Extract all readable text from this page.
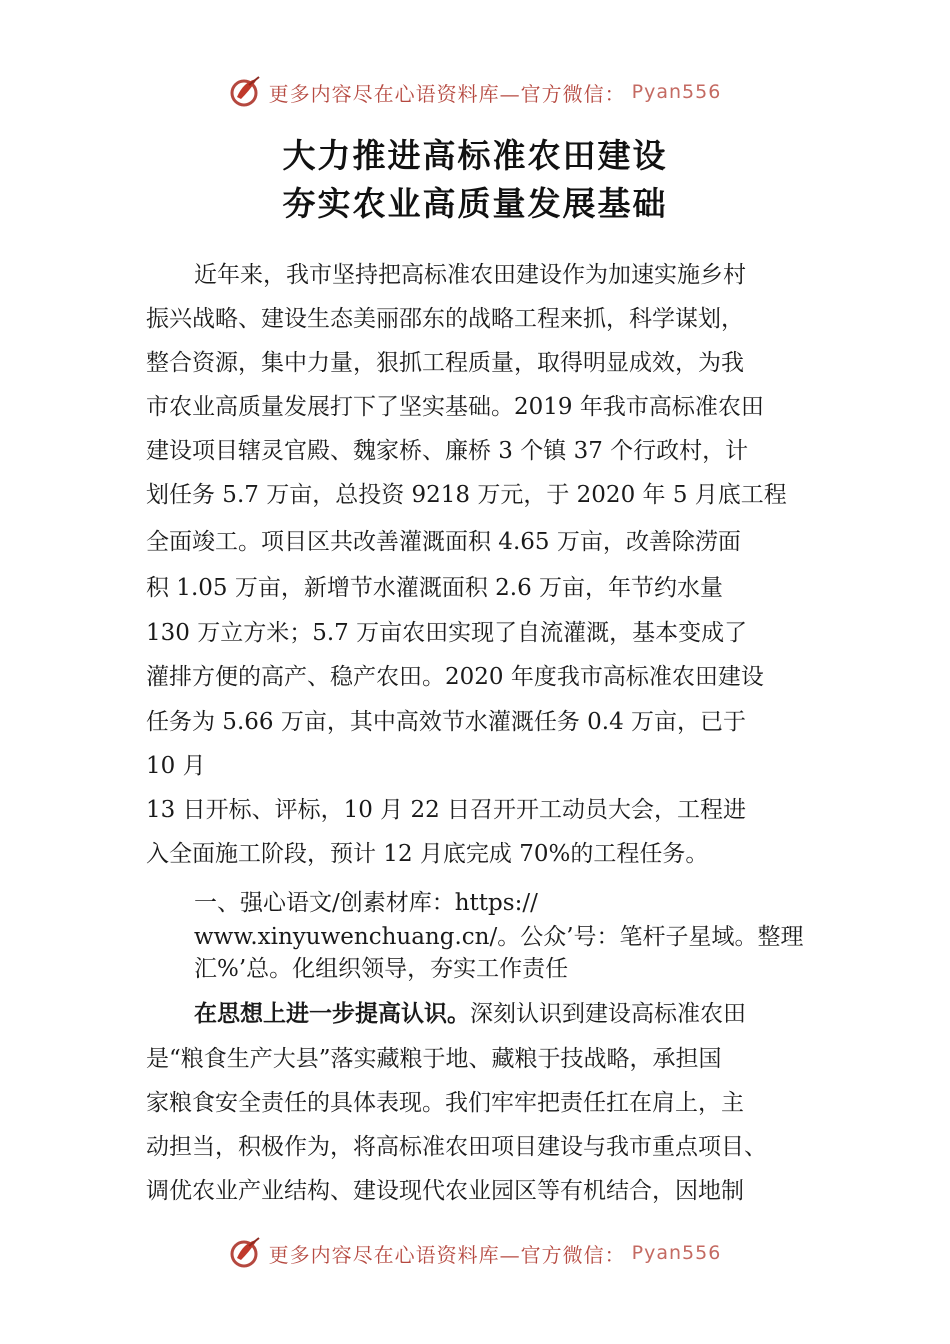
更多内容尽在心语资料库—官方微信： Pyan556
大力推进高标准农田建设
夯实农业高质量发展基础
近年来，我市坚持把高标准农田建设作为加速实施乡村
振兴战略、建设生态美丽邵东的战略工程来抓，科学谋划，
整合资源，集中力量，狠抓工程质量，取得明显成效，为我
市农业高质量发展打下了坚实基础。2019 年我市高标准农田
建设项目辖灵官殿、魏家桥、廉桥 3 个镇 37 个行政村，计
划任务 5.7 万亩，总投资 9218 万元，于 2020 年 5 月底工程
全面竣工。项目区共改善灌溉面积 4.65 万亩，改善除涝面
积 1.05 万亩，新增节水灌溉面积 2.6 万亩，年节约水量
130 万立方米；5.7 万亩农田实现了自流灌溉，基本变成了
灌排方便的高产、稳产农田。2020 年度我市高标准农田建设
任务为 5.66 万亩，其中高效节水灌溉任务 0.4 万亩，已于
10 月
13 日开标、评标，10 月 22 日召开开工动员大会，工程进
入全面施工阶段，预计 12 月底完成 70%的工程任务。
一、强心语文/创素材库：https://
www.xinyuwenchuang.cn/。公众’号：笔杆子星域。整理
汇%’总。化组织领导，夯实工作责任
在思想上进一步提高认识。深刻认识到建设高标准农田
是“粮食生产大县”落实藏粮于地、藏粮于技战略，承担国
家粮食安全责任的具体表现。我们牢牢把责任扛在肩上，主
动担当，积极作为，将高标准农田项目建设与我市重点项目、
调优农业产业结构、建设现代农业园区等有机结合，因地制
更多内容尽在心语资料库—官方微信： Pyan556
